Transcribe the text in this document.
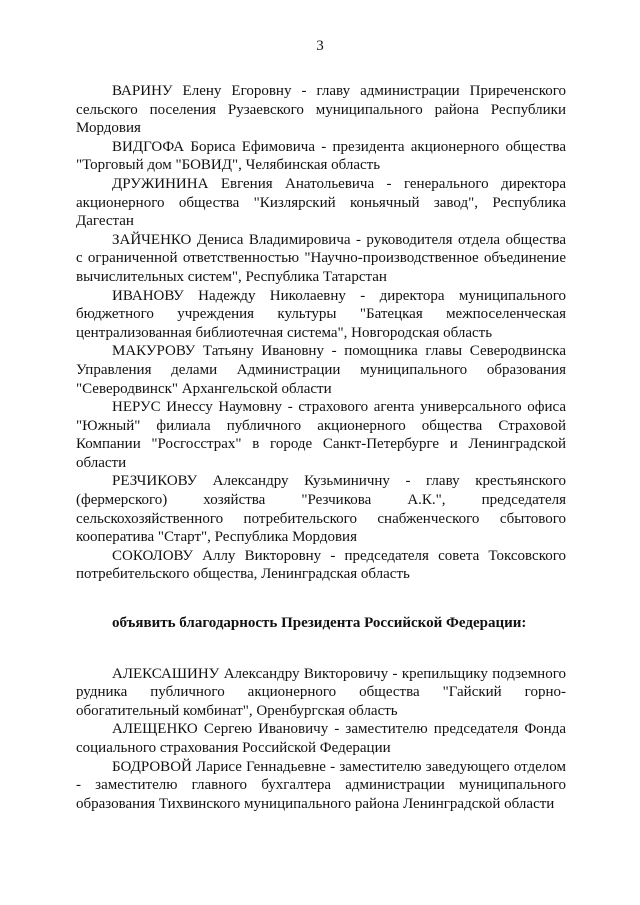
3

ВАРИНУ Елену Егоровну - главу администрации Приреченского сельского поселения Рузаевского муниципального района Республики Мордовия

ВИДГОФА Бориса Ефимовича - президента акционерного общества "Торговый дом "БОВИД", Челябинская область

ДРУЖИНИНА Евгения Анатольевича - генерального директора акционерного общества "Кизлярский коньячный завод", Республика Дагестан

ЗАЙЧЕНКО Дениса Владимировича - руководителя отдела общества с ограниченной ответственностью "Научно-производственное объединение вычислительных систем", Республика Татарстан

ИВАНОВУ Надежду Николаевну - директора муниципального бюджетного учреждения культуры "Батецкая межпоселенческая централизованная библиотечная система", Новгородская область

МАКУРОВУ Татьяну Ивановну - помощника главы Северодвинска Управления делами Администрации муниципального образования "Северодвинск" Архангельской области

НЕРУС Инессу Наумовну - страхового агента универсального офиса "Южный" филиала публичного акционерного общества Страховой Компании "Росгосстрах" в городе Санкт-Петербурге и Ленинградской области

РЕЗЧИКОВУ Александру Кузьминичну - главу крестьянского (фермерского) хозяйства "Резчикова А.К.", председателя сельскохозяйственного потребительского снабженческого сбытового кооператива "Старт", Республика Мордовия

СОКОЛОВУ Аллу Викторовну - председателя совета Токсовского потребительского общества, Ленинградская область

объявить благодарность Президента Российской Федерации:

АЛЕКСАШИНУ Александру Викторовичу - крепильщику подземного рудника публичного акционерного общества "Гайский горно-обогатительный комбинат", Оренбургская область

АЛЕЩЕНКО Сергею Ивановичу - заместителю председателя Фонда социального страхования Российской Федерации

БОДРОВОЙ Ларисе Геннадьевне - заместителю заведующего отделом - заместителю главного бухгалтера администрации муниципального образования Тихвинского муниципального района Ленинградской области
